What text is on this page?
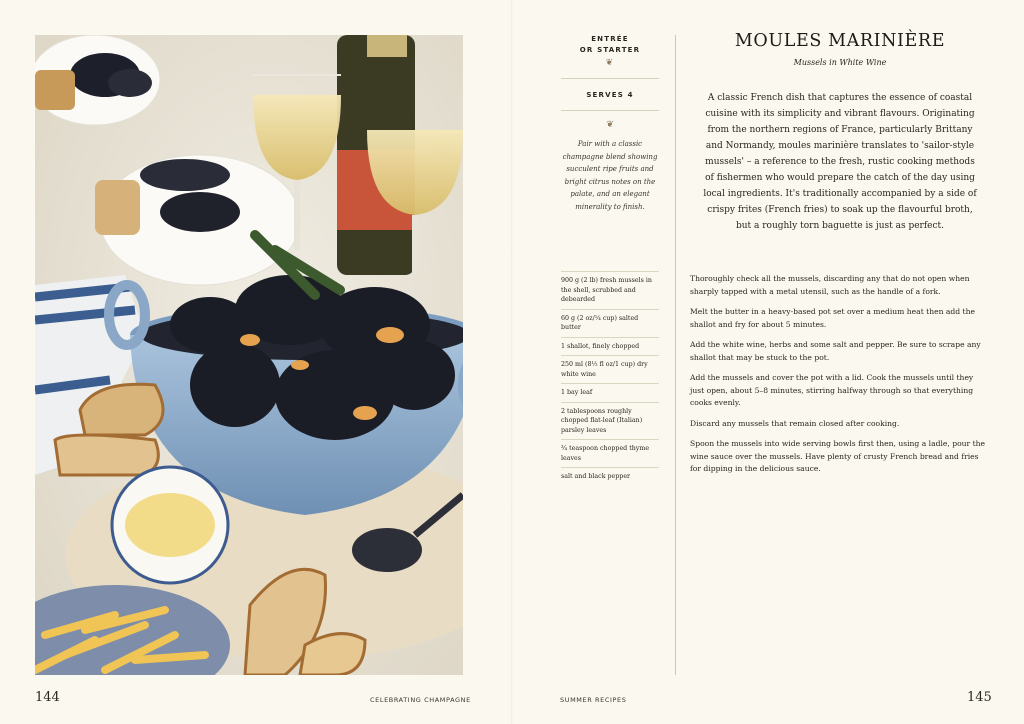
ENTRÉE
OR STARTER
❦
SERVES 4
❦
Pair with a classic champagne blend showing succulent ripe fruits and bright citrus notes on the palate, and an elegant minerality to finish.
MOULES MARINIÈRE
Mussels in White Wine
A classic French dish that captures the essence of coastal cuisine with its simplicity and vibrant flavours. Originating from the northern regions of France, particularly Brittany and Normandy, moules marinière translates to 'sailor-style mussels' – a reference to the fresh, rustic cooking methods of fishermen who would prepare the catch of the day using local ingredients. It's traditionally accompanied by a side of crispy frites (French fries) to soak up the flavourful broth, but a roughly torn baguette is just as perfect.
900 g (2 lb) fresh mussels in the shell, scrubbed and debearded
60 g (2 oz/¼ cup) salted butter
1 shallot, finely chopped
250 ml (8½ fl oz/1 cup) dry white wine
1 bay leaf
2 tablespoons roughly chopped flat-leaf (Italian) parsley leaves
¾ teaspoon chopped thyme leaves
salt and black pepper

Thoroughly check all the mussels, discarding any that do not open when sharply tapped with a metal utensil, such as the handle of a fork.

Melt the butter in a heavy-based pot set over a medium heat then add the shallot and fry for about 5 minutes.

Add the white wine, herbs and some salt and pepper. Be sure to scrape any shallot that may be stuck to the pot.

Add the mussels and cover the pot with a lid. Cook the mussels until they just open, about 5–8 minutes, stirring halfway through so that everything cooks evenly.

Discard any mussels that remain closed after cooking.

Spoon the mussels into wide serving bowls first then, using a ladle, pour the wine sauce over the mussels. Have plenty of crusty French bread and fries for dipping in the delicious sauce.

144	CELEBRATING CHAMPAGNE	SUMMER RECIPES	145
